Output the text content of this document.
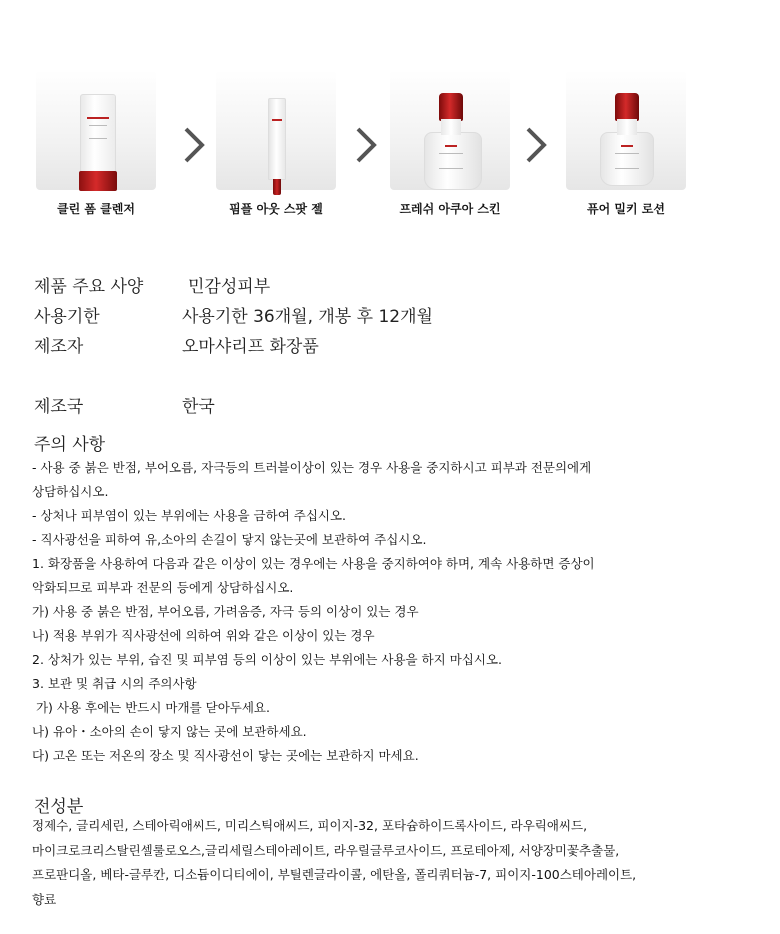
클린 폼 클렌저	핌플 아웃 스팟 젤	프레쉬 아쿠아 스킨	퓨어 밀키 로션
제품 주요 사양	민감성피부
사용기한	사용기한 36개월, 개봉 후 12개월
제조자	오마샤리프 화장품
제조국	한국
주의 사항
- 사용 중 붉은 반점, 부어오름, 자극등의 트러블이상이 있는 경우 사용을 중지하시고 피부과 전문의에게
상담하십시오.
- 상처나 피부염이 있는 부위에는 사용을 금하여 주십시오.
- 직사광선을 피하여 유,소아의 손길이 닿지 않는곳에 보관하여 주십시오.
1. 화장품을 사용하여 다음과 같은 이상이 있는 경우에는 사용을 중지하여야 하며, 계속 사용하면 증상이
악화되므로 피부과 전문의 등에게 상담하십시오.
가) 사용 중 붉은 반점, 부어오름, 가려움증, 자극 등의 이상이 있는 경우
나) 적용 부위가 직사광선에 의하여 위와 같은 이상이 있는 경우
2. 상처가 있는 부위, 습진 및 피부염 등의 이상이 있는 부위에는 사용을 하지 마십시오.
3. 보관 및 취급 시의 주의사항
가) 사용 후에는 반드시 마개를 닫아두세요.
나) 유아・소아의 손이 닿지 않는 곳에 보관하세요.
다) 고온 또는 저온의 장소 및 직사광선이 닿는 곳에는 보관하지 마세요.
전성분
정제수, 글리세린, 스테아릭애씨드, 미리스틱애씨드, 피이지-32, 포타슘하이드록사이드, 라우릭애씨드,
마이크로크리스탈린셀룰로오스,글리세릴스테아레이트, 라우릴글루코사이드, 프로테아제, 서양장미꽃추출물,
프로판디올, 베타-글루칸, 디소듐이디티에이, 부틸렌글라이콜, 에탄올, 폴리쿼터늄-7, 피이지-100스테아레이트,
향료
